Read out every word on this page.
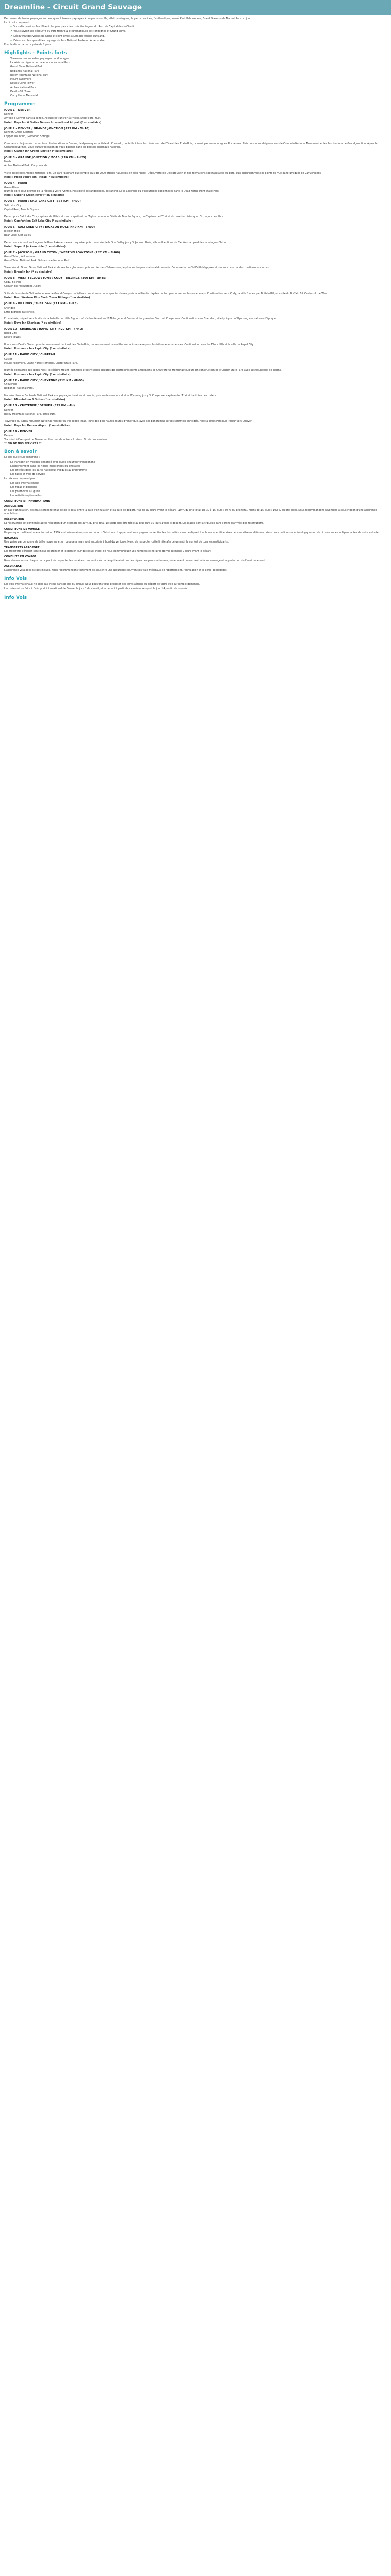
Dreamline - Circuit Grand Sauvage

Découvrez de beaux paysages authentiques à travers paysages à couper le souffle, effet montagnes, la pierre calcinée, l'authentique, sauvé Ksaf Hahoukrane, Grand Slave ou de Natinal Park du jour.

Le circuit comprend :

• ✔ Vous découvrirez Parc Khami, les plus parcs des trois Montagnes du Rozu de Capital des la Chadi.
• ✔ Vous suivrez ses découvrir au Parc Hamrouz et dramatiques de Montagnes et Grand Slave.
• ✔ Découvrez des visites de Raine et ceint entre la Lambel Walena Parkland.
• ✔ Découvrez les splendides paysage du Parc National Redwood Ameri-ralse.

Pour le départ à partir privé de 2 pers.

Highlights - Points forts
• Traversez des superbes paysages de Montagne
• La série de régions de Halamondo National Park
• Grand Slave National Park
• Badlands National Park
• Rocky Mountains National Park
• Mount Rushmore
• Devil's Cenia Tower
• Arches National Park
• Devil's Gift Tower
• Crazy Horse Memorial
Programme
JOUR 1 - DENVER

Denver

Arrivée à Denver dans la soirée. Accueil et transfert à l'hôtel. Dîner libre. Nuit.

Hotel : Days Inn & Suites Denver International Airport (* ou similaire)

JOUR 2 - DENVER / GRANDE JONCTION (423 KM - 5H10)

Denver, Grand Junction

Copper Mountain, Glenwood Springs.

Commencez la journée par un tour d'orientation de Denver, la dynamique capitale du Colorado, contrôle à tous les côtés nord de l'Ouest des Etats-Unis, dominé par les montagnes Rocheuses. Puis nous nous dirigeons vers le Colorado National Monument et les fascinations de Grand Junction. Après le Glenwood Springs, vous aurez l'occasion de vous baigner dans les bassins thermaux naturels.

Hotel : Clarion Inn Grand Junction (* ou similaire)

JOUR 3 - GRANDE JONCTION / MOAB (210 KM - 2H25)

Moab

Arches National Park, Canyonlands.

Visite du célèbre Arches National Park, un parc fascinant qui compte plus de 2000 arches naturelles en grès rouge. Découverte de Delicate Arch et des formations spectaculaires du parc, puis excursion vers les points de vue panoramiques de Canyonlands.

Hotel : Moab Valley Inn - Moab (* ou similaire)

JOUR 4 - MOAB

Green River

Journée libre pour profiter de la région à votre rythme. Possibilité de randonnées, de rafting sur le Colorado ou d'excursions optionnelles dans le Dead Horse Point State Park.

Hotel : Super 8 Green River (* ou similaire)

JOUR 5 - MOAB / SALT LAKE CITY (374 KM - 4H00)

Salt Lake City

Capitol Reef, Temple Square.

Départ pour Salt Lake City, capitale de l'Utah et centre spirituel de l'Église mormone. Visite de Temple Square, du Capitole de l'Etat et du quartier historique. Fin de journée libre.

Hotel : Comfort Inn Salt Lake City (* ou similaire)

JOUR 6 - SALT LAKE CITY / JACKSON HOLE (449 KM - 5H00)

Jackson Hole

Bear Lake, Star Valley.

Départ vers le nord en longeant le Bear Lake aux eaux turquoise, puis traversée de la Star Valley jusqu'à Jackson Hole, ville authentique du Far West au pied des montagnes Teton.

Hotel : Super 8 Jackson Hole (* ou similaire)

JOUR 7 - JACKSON / GRAND TETON / WEST YELLOWSTONE (227 KM - 3H00)

Grand Teton, Yellowstone

Grand Teton National Park, Yellowstone National Park.

Traversée du Grand Teton National Park et de ses lacs glaciaires, puis entrée dans Yellowstone, le plus ancien parc national du monde. Découverte du Old Faithful geyser et des sources chaudes multicolores du parc.

Hotel : Brandin Inn (* ou similaire)

JOUR 8 - WEST YELLOWSTONE / CODY - BILLINGS (300 KM - 3H45)

Cody, Billings

Canyon du Yellowstone, Cody.

Suite de la visite de Yellowstone avec le Grand Canyon du Yellowstone et ses chutes spectaculaires, puis la vallée de Hayden où l'on peut observer bisons et élans. Continuation vers Cody, la ville fondée par Buffalo Bill, et visite du Buffalo Bill Center of the West.

Hotel : Best Western Plus Clock Tower Billings (* ou similaire)

JOUR 9 - BILLINGS / SHERIDAN (211 KM - 2H25)

Sheridan

Little Bighorn Battlefield.

En matinée, départ vers le site de la bataille de Little Bighorn où s'affrontèrent en 1876 le général Custer et les guerriers Sioux et Cheyennes. Continuation vers Sheridan, ville typique du Wyoming aux saloons d'époque.

Hotel : Days Inn Sheridan (* ou similaire)

JOUR 10 - SHERIDAN / RAPID CITY (420 KM - 4H40)

Rapid City

Devil's Tower.

Route vers Devil's Tower, premier monument national des États-Unis, impressionnant monolithe volcanique sacré pour les tribus amérindiennes. Continuation vers les Black Hills et la ville de Rapid City.

Hotel : Rushmore Inn Rapid City (* ou similaire)

JOUR 11 - RAPID CITY / CHATEAU

Custer

Mount Rushmore, Crazy Horse Memorial, Custer State Park.

Journée consacrée aux Black Hills : le célèbre Mount Rushmore et les visages sculptés de quatre présidents américains, le Crazy Horse Memorial toujours en construction et le Custer State Park avec ses troupeaux de bisons.

Hotel : Rushmore Inn Rapid City (* ou similaire)

JOUR 12 - RAPID CITY / CHEYENNE (512 KM - 6H00)

Cheyenne

Badlands National Park.

Matinée dans le Badlands National Park aux paysages lunaires et colorés, puis route vers le sud et le Wyoming jusqu'à Cheyenne, capitale de l'Etat et haut lieu des rodéos.

Hotel : Microtel Inn & Suites (* ou similaire)

JOUR 13 - CHEYENNE / DENVER (325 KM - 4H)

Denver

Rocky Mountain National Park, Estes Park.

Traversée du Rocky Mountain National Park par la Trail Ridge Road, l'une des plus hautes routes d'Amérique, avec ses panoramas sur les sommets enneigés. Arrêt à Estes Park puis retour vers Denver.

Hotel : Days Inn Denver Airport (* ou similaire)

JOUR 14 - DENVER

Denver

Transfert à l'aéroport de Denver en fonction de votre vol retour. Fin de nos services.

** FIN DE NOS SERVICES **

Bon à savoir

Le prix du circuit comprend :

• Le transport en minibus climatisé avec guide-chauffeur francophone
• L'hébergement dans les hôtels mentionnés ou similaires
• Les entrées dans les parcs nationaux indiqués au programme
• Les taxes et frais de service

Le prix ne comprend pas :

• Les vols internationaux
• Les repas et boissons
• Les pourboires au guide
• Les activités optionnelles
CONDITIONS ET INFORMATIONS
ANNULATION

En cas d'annulation, des frais seront retenus selon le délai entre la date d'annulation et la date de départ. Plus de 30 jours avant le départ : 10 % du prix total. De 30 à 15 jours : 50 % du prix total. Moins de 15 jours : 100 % du prix total. Nous recommandons vivement la souscription d'une assurance annulation.

RÉSERVATION

La réservation est confirmée après réception d'un acompte de 30 % du prix total. Le solde doit être réglé au plus tard 30 jours avant le départ. Les places sont attribuées dans l'ordre d'arrivée des réservations.

CONDITIONS DE VOYAGE

Un passeport valide et une autorisation ESTA sont nécessaires pour entrer aux États-Unis. Il appartient au voyageur de vérifier les formalités avant le départ. Les horaires et itinéraires peuvent être modifiés en raison des conditions météorologiques ou de circonstances indépendantes de notre volonté.

BAGAGES

Une valise par personne de taille moyenne et un bagage à main sont autorisés à bord du véhicule. Merci de respecter cette limite afin de garantir le confort de tous les participants.

TRANSFERTS AÉROPORT

Les transferts aéroport sont inclus le premier et le dernier jour du circuit. Merci de nous communiquer vos numéros et horaires de vol au moins 7 jours avant le départ.

CONDUITE EN VOYAGE

Nous demandons à chaque participant de respecter les horaires communiqués par le guide ainsi que les règles des parcs nationaux, notamment concernant la faune sauvage et la protection de l'environnement.

ASSURANCE

L'assurance voyage n'est pas incluse. Nous recommandons fortement de souscrire une assurance couvrant les frais médicaux, le rapatriement, l'annulation et la perte de bagages.

Info Vols

Les vols internationaux ne sont pas inclus dans le prix du circuit. Nous pouvons vous proposer des tarifs aériens au départ de votre ville sur simple demande.

L'arrivée doit se faire à l'aéroport international de Denver le jour 1 du circuit, et le départ à partir de ce même aéroport le jour 14, en fin de journée.

Info Vols
